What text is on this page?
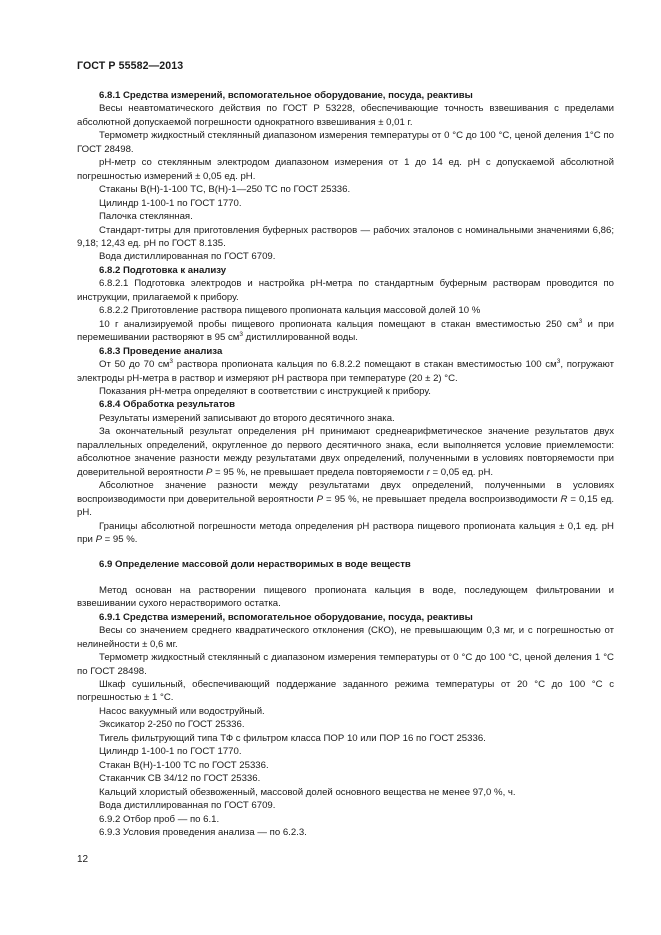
ГОСТ Р 55582—2013

6.8.1 Средства измерений, вспомогательное оборудование, посуда, реактивы

Весы неавтоматического действия по ГОСТ Р 53228, обеспечивающие точность взвешивания с пределами абсолютной допускаемой погрешности однократного взвешивания ± 0,01 г.

Термометр жидкостный стеклянный диапазоном измерения температуры от 0 °С до 100 °С, ценой деления 1°С по ГОСТ 28498.

рН-метр со стеклянным электродом диапазоном измерения от 1 до 14 ед. рН с допускаемой абсолютной погрешностью измерений ± 0,05 ед. рН.

Стаканы В(Н)-1-100 ТС, В(Н)-1—250 ТС по ГОСТ 25336.

Цилиндр 1-100-1 по ГОСТ 1770.

Палочка стеклянная.

Стандарт-титры для приготовления буферных растворов — рабочих эталонов с номинальными значениями 6,86; 9,18; 12,43 ед. рН по ГОСТ 8.135.

Вода дистиллированная по ГОСТ 6709.

6.8.2 Подготовка к анализу

6.8.2.1 Подготовка электродов и настройка рН-метра по стандартным буферным растворам проводится по инструкции, прилагаемой к прибору.

6.8.2.2 Приготовление раствора пищевого пропионата кальция массовой долей 10 %

10 г анализируемой пробы пищевого пропионата кальция помещают в стакан вместимостью 250 $см^3$ и при перемешивании растворяют в 95 $см^3$ дистиллированной воды.

6.8.3 Проведение анализа

От 50 до 70 $см^3$ раствора пропионата кальция по 6.8.2.2 помещают в стакан вместимостью 100 $см^3$, погружают электроды рН-метра в раствор и измеряют рН раствора при температуре (20 ± 2) °С.

Показания рН-метра определяют в соответствии с инструкцией к прибору.

6.8.4 Обработка результатов

Результаты измерений записывают до второго десятичного знака.

За окончательный результат определения рН принимают среднеарифметическое значение результатов двух параллельных определений, округленное до первого десятичного знака, если выполняется условие приемлемости: абсолютное значение разности между результатами двух определений, полученными в условиях повторяемости при доверительной вероятности Р = 95 %, не превышает предела повторяемости r = 0,05 ед. рН.

Абсолютное значение разности между результатами двух определений, полученными в условиях воспроизводимости при доверительной вероятности Р = 95 %, не превышает предела воспроизводимости R = 0,15 ед. рН.

Границы абсолютной погрешности метода определения рН раствора пищевого пропионата кальция ± 0,1 ед. рН при Р = 95 %.

6.9 Определение массовой доли нерастворимых в воде веществ

Метод основан на растворении пищевого пропионата кальция в воде, последующем фильтровании и взвешивании сухого нерастворимого остатка.

6.9.1 Средства измерений, вспомогательное оборудование, посуда, реактивы

Весы со значением среднего квадратического отклонения (СКО), не превышающим 0,3 мг, и с погрешностью от нелинейности ± 0,6 мг.

Термометр жидкостный стеклянный с диапазоном измерения температуры от 0 °С до 100 °С, ценой деления 1 °С по ГОСТ 28498.

Шкаф сушильный, обеспечивающий поддержание заданного режима температуры от 20 °С до 100 °С с погрешностью ± 1 °С.

Насос вакуумный или водоструйный.

Эксикатор 2-250 по ГОСТ 25336.

Тигель фильтрующий типа ТФ с фильтром класса ПОР 10 или ПОР 16 по ГОСТ 25336.

Цилиндр 1-100-1 по ГОСТ 1770.

Стакан В(Н)-1-100 ТС по ГОСТ 25336.

Стаканчик СВ 34/12 по ГОСТ 25336.

Кальций хлористый обезвоженный, массовой долей основного вещества не менее 97,0 %, ч.

Вода дистиллированная по ГОСТ 6709.

6.9.2 Отбор проб — по 6.1.

6.9.3 Условия проведения анализа — по 6.2.3.

12
